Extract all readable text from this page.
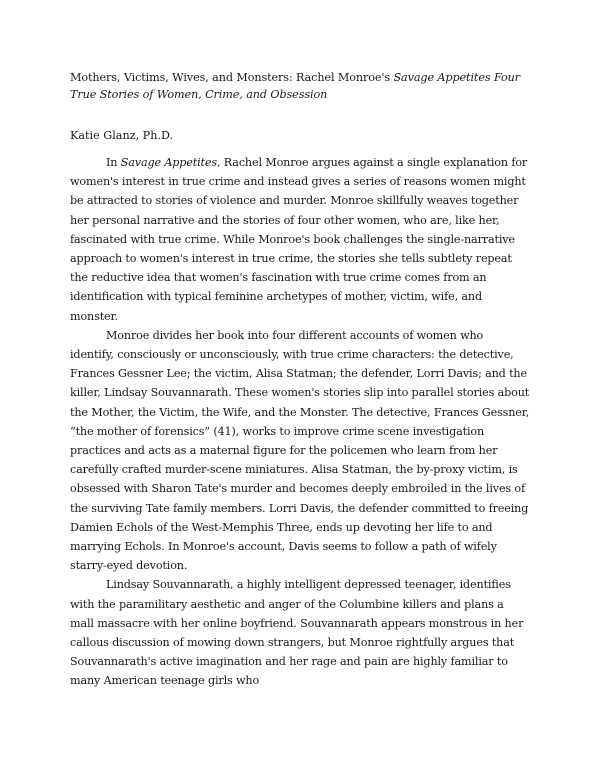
Mothers, Victims, Wives, and Monsters: Rachel Monroe's Savage Appetites Four True Stories of Women, Crime, and Obsession
Katie Glanz, Ph.D.

In Savage Appetites, Rachel Monroe argues against a single explanation for women's interest in true crime and instead gives a series of reasons women might be attracted to stories of violence and murder. Monroe skillfully weaves together her personal narrative and the stories of four other women, who are, like her, fascinated with true crime. While Monroe's book challenges the single-narrative approach to women's interest in true crime, the stories she tells subtlety repeat the reductive idea that women's fascination with true crime comes from an identification with typical feminine archetypes of mother, victim, wife, and monster.

Monroe divides her book into four different accounts of women who identify, consciously or unconsciously, with true crime characters: the detective, Frances Gessner Lee; the victim, Alisa Statman; the defender, Lorri Davis; and the killer, Lindsay Souvannarath. These women's stories slip into parallel stories about the Mother, the Victim, the Wife, and the Monster. The detective, Frances Gessner, “the mother of forensics” (41), works to improve crime scene investigation practices and acts as a maternal figure for the policemen who learn from her carefully crafted murder-scene miniatures. Alisa Statman, the by-proxy victim, is obsessed with Sharon Tate's murder and becomes deeply embroiled in the lives of the surviving Tate family members. Lorri Davis, the defender committed to freeing Damien Echols of the West-Memphis Three, ends up devoting her life to and marrying Echols. In Monroe's account, Davis seems to follow a path of wifely starry-eyed devotion.

Lindsay Souvannarath, a highly intelligent depressed teenager, identifies with the paramilitary aesthetic and anger of the Columbine killers and plans a mall massacre with her online boyfriend. Souvannarath appears monstrous in her callous discussion of mowing down strangers, but Monroe rightfully argues that Souvannarath's active imagination and her rage and pain are highly familiar to many American teenage girls who
